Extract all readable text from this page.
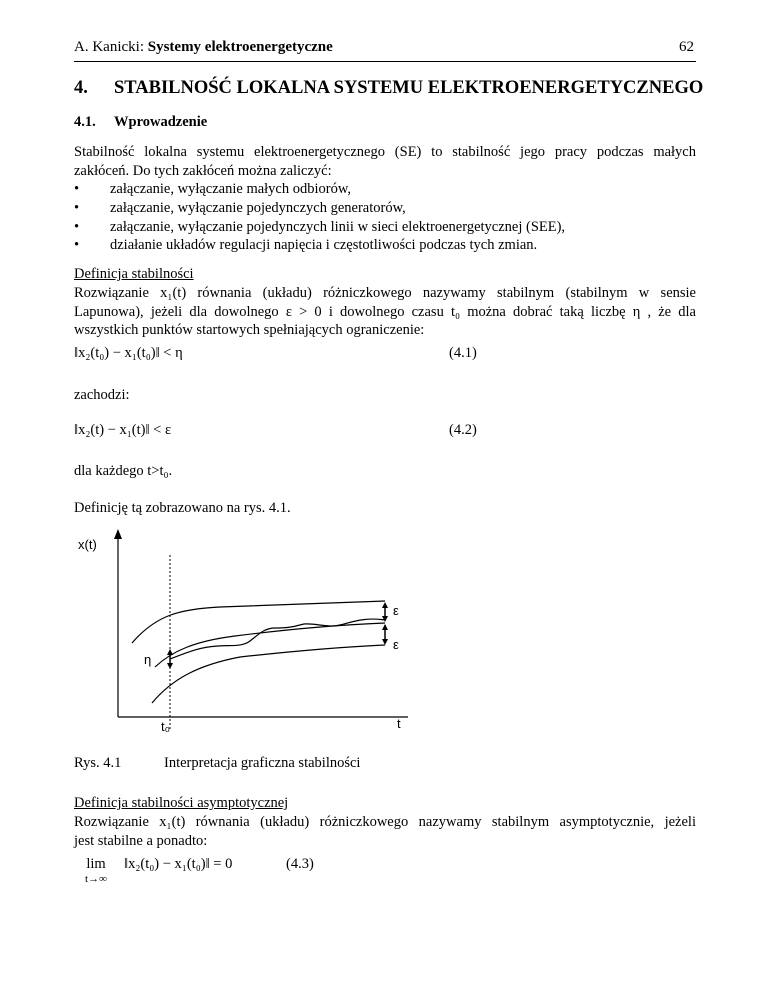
A. Kanicki: Systemy elektroenergetyczne	62
4. STABILNOŚĆ LOKALNA SYSTEMU ELEKTROENERGETYCZNEGO
4.1. Wprowadzenie

Stabilność lokalna systemu elektroenergetycznego (SE) to stabilność jego pracy podczas małych

zakłóceń. Do tych zakłóceń można zaliczyć:

• załączanie, wyłączanie małych odbiorów,
• załączanie, wyłączanie pojedynczych generatorów,
• załączanie, wyłączanie pojedynczych linii w sieci elektroenergetycznej (SEE),
• działanie układów regulacji napięcia i częstotliwości podczas tych zmian.

Definicja stabilności

Rozwiązanie x₁(t) równania (układu) różniczkowego nazywamy stabilnym (stabilnym w sensie

Lapunowa), jeżeli dla dowolnego ε > 0 i dowolnego czasu t₀ można dobrać taką liczbę η , że dla

wszystkich punktów startowych spełniających ograniczenie:

‖x₂(t₀) − x₁(t₀)‖ < η	(4.1)
zachodzi:
‖x₂(t) − x₁(t)‖ < ε	(4.2)
dla każdego t>t₀.
Definicję tą zobrazowano na rys. 4.1.
x(t)
t
t₀
ε
ε
η
Rys. 4.1	Interpretacja graficzna stabilności

Definicja stabilności asymptotycznej

Rozwiązanie x₁(t) równania (układu) różniczkowego nazywamy stabilnym asymptotycznie, jeżeli

jest stabilne a ponadto:

lim
t→∞
‖x₂(t₀) − x₁(t₀)‖ = 0	(4.3)
